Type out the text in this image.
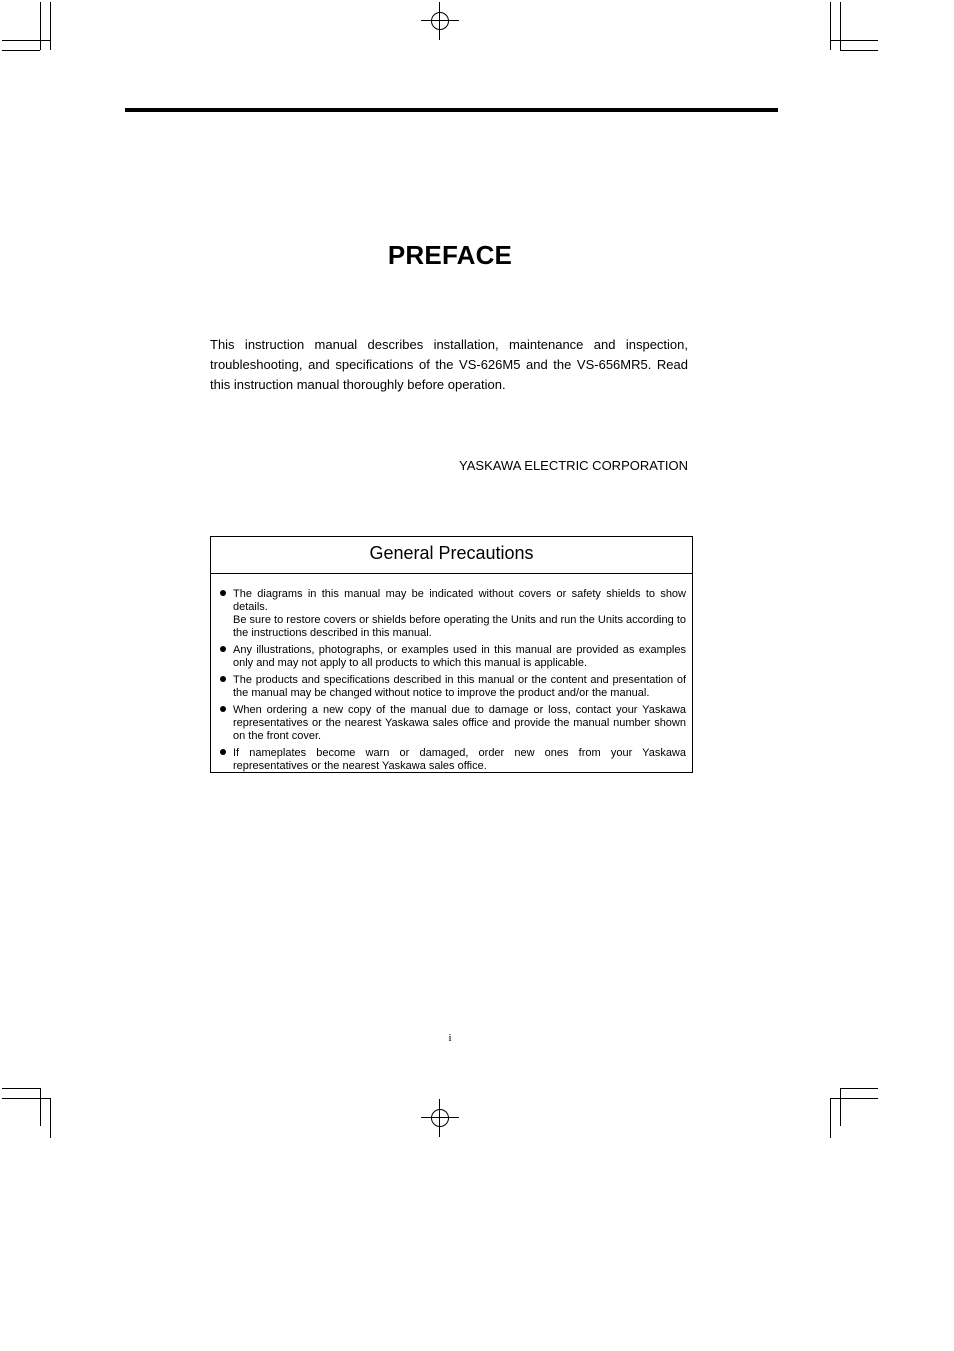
PREFACE

This instruction manual describes installation, maintenance and inspection, troubleshooting, and specifications of the VS-626M5 and the VS-656MR5. Read this instruction manual thoroughly before operation.

YASKAWA ELECTRIC CORPORATION
General Precautions
The diagrams in this manual may be indicated without covers or safety shields to show details.
Be sure to restore covers or shields before operating the Units and run the Units according to the instructions described in this manual.
Any illustrations, photographs, or examples used in this manual are provided as examples only and may not apply to all products to which this manual is applicable.
The products and specifications described in this manual or the content and presentation of the manual may be changed without notice to improve the product and/or the manual.
When ordering a new copy of the manual due to damage or loss, contact your Yaskawa representatives or the nearest Yaskawa sales office and provide the manual number shown on the front cover.
If nameplates become warn or damaged, order new ones from your Yaskawa representatives or the nearest Yaskawa sales office.
i
